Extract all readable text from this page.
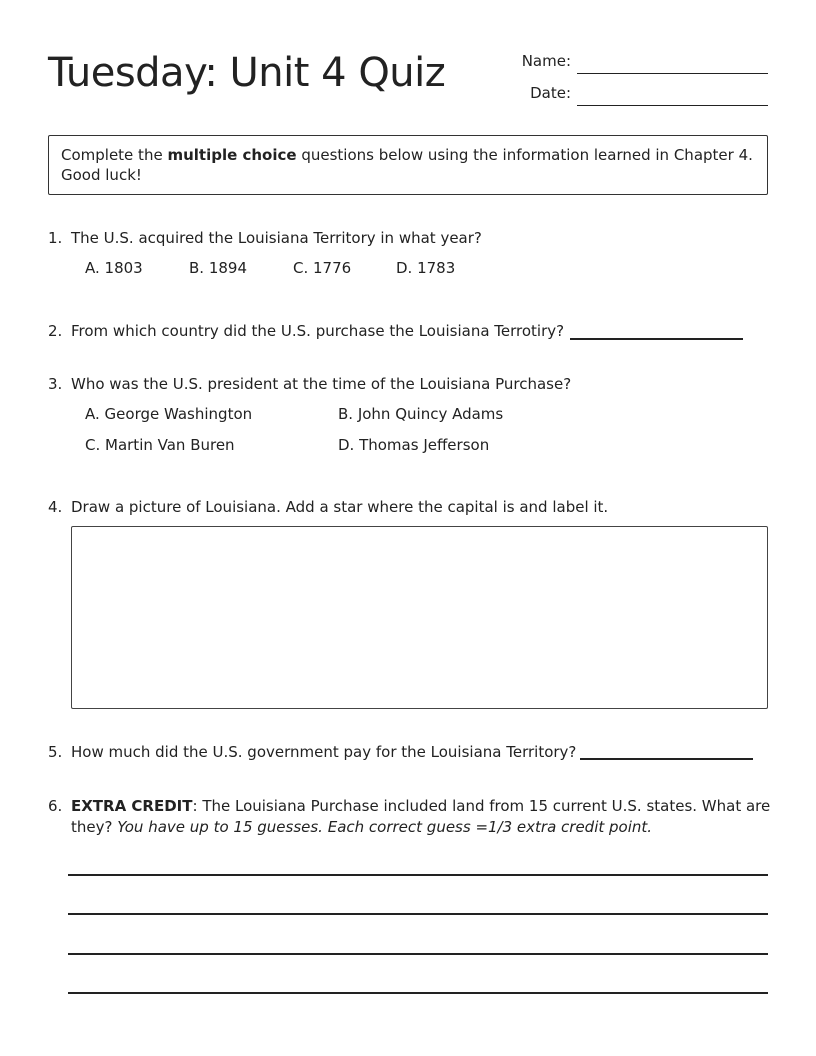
Tuesday: Unit 4 Quiz	Name:
Date:
Complete the multiple choice questions below using the information learned in Chapter 4. Good luck!
1. The U.S. acquired the Louisiana Territory in what year?
A. 1803	B. 1894	C. 1776	D. 1783
2. From which country did the U.S. purchase the Louisiana Terrotiry?
3. Who was the U.S. president at the time of the Louisiana Purchase?
A. George Washington	B. John Quincy Adams
C. Martin Van Buren	D. Thomas Jefferson
4. Draw a picture of Louisiana. Add a star where the capital is and label it.
5. How much did the U.S. government pay for the Louisiana Territory?
6. EXTRA CREDIT: The Louisiana Purchase included land from 15 current U.S. states. What are they? You have up to 15 guesses. Each correct guess =1/3 extra credit point.
